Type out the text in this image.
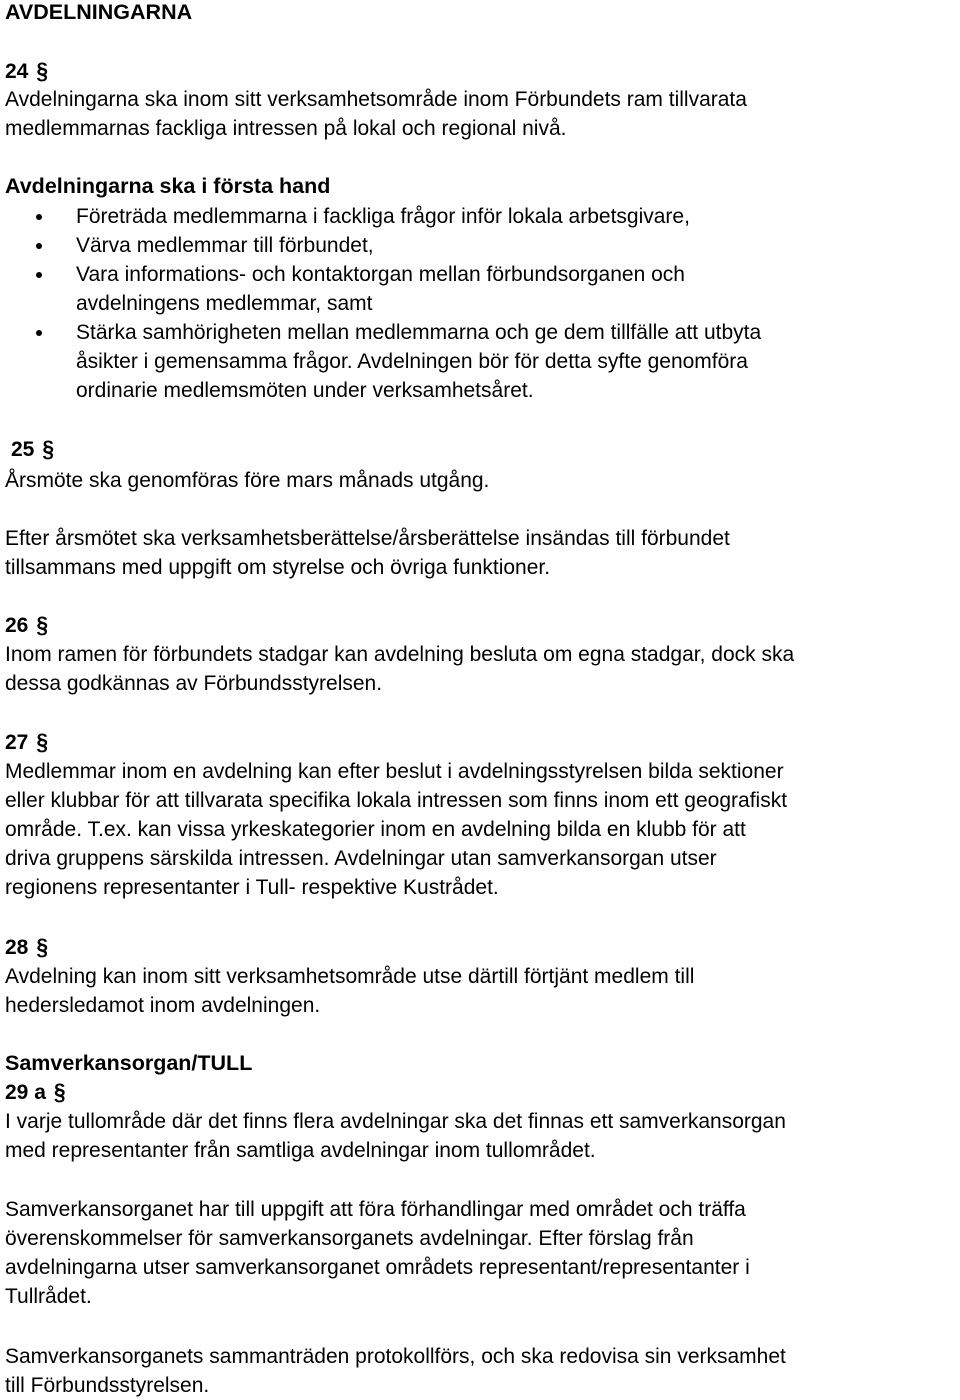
AVDELNINGARNA
24 §
Avdelningarna ska inom sitt verksamhetsområde inom Förbundets ram tillvarata
medlemmarnas fackliga intressen på lokal och regional nivå.
Avdelningarna ska i första hand
Företräda medlemmarna i fackliga frågor inför lokala arbetsgivare,
Värva medlemmar till förbundet,
Vara informations- och kontaktorgan mellan förbundsorganen och
avdelningens medlemmar, samt
Stärka samhörigheten mellan medlemmarna och ge dem tillfälle att utbyta
åsikter i gemensamma frågor. Avdelningen bör för detta syfte genomföra
ordinarie medlemsmöten under verksamhetsåret.
25 §
Årsmöte ska genomföras före mars månads utgång.
Efter årsmötet ska verksamhetsberättelse/årsberättelse insändas till förbundet
tillsammans med uppgift om styrelse och övriga funktioner.
26 §
Inom ramen för förbundets stadgar kan avdelning besluta om egna stadgar, dock ska
dessa godkännas av Förbundsstyrelsen.
27 §
Medlemmar inom en avdelning kan efter beslut i avdelningsstyrelsen bilda sektioner
eller klubbar för att tillvarata specifika lokala intressen som finns inom ett geografiskt
område. T.ex. kan vissa yrkeskategorier inom en avdelning bilda en klubb för att
driva gruppens särskilda intressen. Avdelningar utan samverkansorgan utser
regionens representanter i Tull- respektive Kustrådet.
28 §
Avdelning kan inom sitt verksamhetsområde utse därtill förtjänt medlem till
hedersledamot inom avdelningen.
Samverkansorgan/TULL
29 a §
I varje tullområde där det finns flera avdelningar ska det finnas ett samverkansorgan
med representanter från samtliga avdelningar inom tullområdet.
Samverkansorganet har till uppgift att föra förhandlingar med området och träffa
överenskommelser för samverkansorganets avdelningar. Efter förslag från
avdelningarna utser samverkansorganet områdets representant/representanter i
Tullrådet.
Samverkansorganets sammanträden protokollförs, och ska redovisa sin verksamhet
till Förbundsstyrelsen.
